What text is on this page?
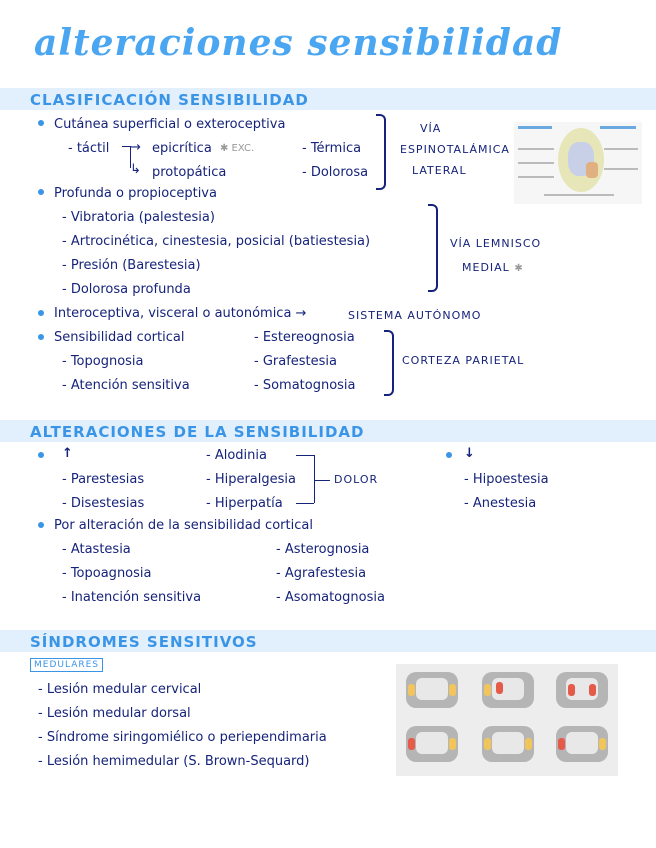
alteraciones sensibilidad
CLASIFICACIÓN SENSIBILIDAD
Cutánea superficial o exteroceptiva
- táctil →
↳
epicrítica ✱ EXC.
protopática
- Térmica
- Dolorosa
VÍA
ESPINOTALÁMICA
LATERAL
Profunda o propioceptiva
- Vibratoria (palestesia)
- Artrocinética, cinestesia, posicial (batiestesia)
- Presión (Barestesia)
- Dolorosa profunda
VÍA LEMNISCO
MEDIAL ✱
Interoceptiva, visceral o autonómica →	SISTEMA AUTÓNOMO
Sensibilidad cortical
- Topognosia
- Atención sensitiva
- Estereognosia
- Grafestesia
- Somatognosia
CORTEZA PARIETAL
ALTERACIONES DE LA SENSIBILIDAD
↑
- Parestesias
- Disestesias
- Alodinia
- Hiperalgesia
- Hiperpatía
DOLOR
↓
- Hipoestesia
- Anestesia
Por alteración de la sensibilidad cortical
- Atastesia
- Topoagnosia
- Inatención sensitiva
- Asterognosia
- Agrafestesia
- Asomatognosia
SÍNDROMES SENSITIVOS
MEDULARES
- Lesión medular cervical
- Lesión medular dorsal
- Síndrome siringomiélico o periependimaria
- Lesión hemimedular (S. Brown-Sequard)
